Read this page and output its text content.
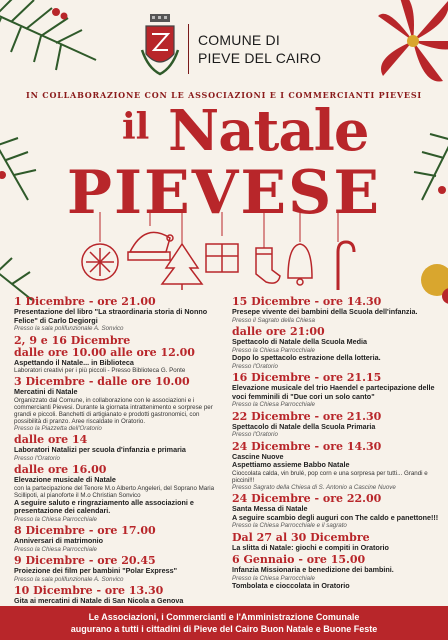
COMUNE DI
PIEVE DEL CAIRO
IN COLLABORAZIONE CON LE ASSOCIAZIONI E I COMMERCIANTI PIEVESI
il Natale
PIEVESE
1 Dicembre - ore 21.00
Presentazione del libro "La straordinaria storia di Nonno Felice" di Carlo Degiorgi
Presso la sala polifunzionale A. Sonvico
2, 9 e 16 Dicembre
dalle ore 10.00 alle ore 12.00
Aspettando il Natale... in Biblioteca
Laboratori creativi per i più piccoli - Presso Biblioteca G. Ponte
3 Dicembre - dalle ore 10.00
Mercatini di Natale
Organizzato dal Comune, in collaborazione con le associazioni e i commercianti Pievesi. Durante la giornata intrattenimento e sorprese per grandi e piccoli. Banchetti di artigianato e prodotti gastronomici, con possibilità di pranzo. Aree riscaldate in Oratorio.
Presso la Piazzetta dell'Oratorio
dalle ore 14
Laboratori Natalizi per scuola d'infanzia e primaria
Presso l'Oratorio
dalle ore 16.00
Elevazione musicale di Natale
con la partecipazione del Tenore M.o Alberto Angeleri, del Soprano Maria Scillipoti, al pianoforte il M.o Christian Sonvico
A seguire saluto e ringraziamento alle associazioni e presentazione dei calendari.
Presso la Chiesa Parrocchiale
8 Dicembre - ore 17.00
Anniversari di matrimonio
Presso la Chiesa Parrocchiale
9 Dicembre - ore 20.45
Proiezione dei film per bambini "Polar Express"
Presso la sala polifunzionale A. Sonvico
10 Dicembre - ore 13.30
Gita ai mercatini di Natale di San Nicola a Genova
15 Dicembre - ore 14.30
Presepe vivente dei bambini della Scuola dell'infanzia.
Presso il Sagrato della Chiesa
dalle ore 21:00
Spettacolo di Natale della Scuola Media
Presso la Chiesa Parrocchiale
Dopo lo spettacolo estrazione della lotteria.
Presso l'Oratorio
16 Dicembre - ore 21.15
Elevazione musicale del trio Haendel e partecipazione delle voci femminili di "Due cori un solo canto"
Presso la Chiesa Parrocchiale
22 Dicembre - ore 21.30
Spettacolo di Natale della Scuola Primaria
Presso l'Oratorio
24 Dicembre - ore 14.30
Cascine Nuove
Aspettiamo assieme Babbo Natale
Cioccolata calda, vin brulé, pop corn e una sorpresa per tutti... Grandi e piccini!!!
Presso Sagrato della Chiesa di S. Antonio a Cascine Nuove
24 Dicembre - ore 22.00
Santa Messa di Natale
A seguire scambio degli auguri con The caldo e panettone!!!
Presso la Chiesa Parrocchiale e il sagrato
Dal 27 al 30 Dicembre
La slitta di Natale: giochi e compiti in Oratorio
6 Gennaio - ore 15.00
Infanzia Missionaria e benedizione dei bambini.
Presso la Chiesa Parrocchiale
Tombolata e cioccolata in Oratorio
Le Associazioni, i Commercianti e l'Amministrazione Comunale
augurano a tutti i cittadini di Pieve del Cairo Buon Natale e Buone Feste
